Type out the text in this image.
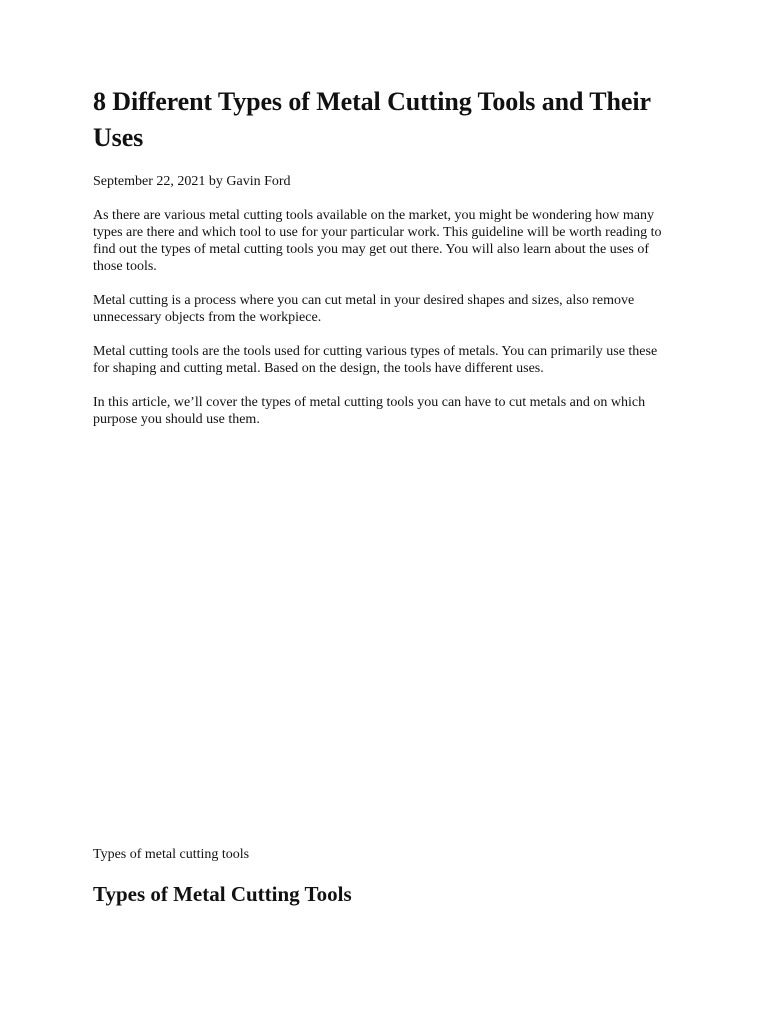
8 Different Types of Metal Cutting Tools and Their Uses

September 22, 2021 by Gavin Ford

As there are various metal cutting tools available on the market, you might be wondering how many types are there and which tool to use for your particular work. This guideline will be worth reading to find out the types of metal cutting tools you may get out there. You will also learn about the uses of those tools.

Metal cutting is a process where you can cut metal in your desired shapes and sizes, also remove unnecessary objects from the workpiece.

Metal cutting tools are the tools used for cutting various types of metals. You can primarily use these for shaping and cutting metal. Based on the design, the tools have different uses.

In this article, we’ll cover the types of metal cutting tools you can have to cut metals and on which purpose you should use them.

Types of metal cutting tools

Types of Metal Cutting Tools
